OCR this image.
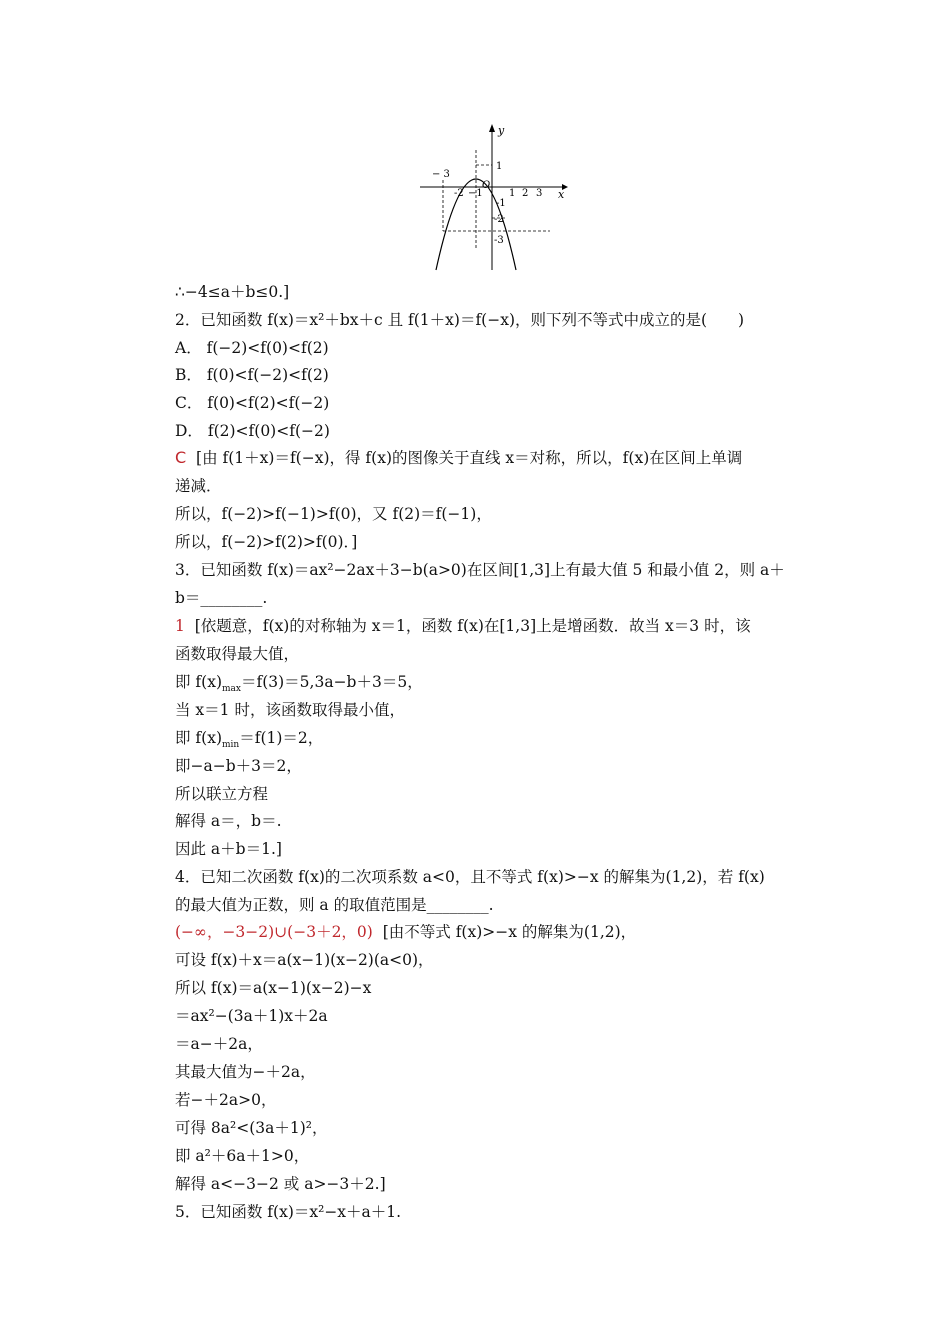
y
x
O
− 3
-2 −1	1 2 3
1
-1
-2
-3
∴−4≤a＋b≤0.]
2．已知函数 f(x)＝x²＋bx＋c 且 f(1＋x)＝f(−x)，则下列不等式中成立的是(　　)
A． f(−2)<f(0)<f(2)
B． f(0)<f(−2)<f(2)
C． f(0)<f(2)<f(−2)
D． f(2)<f(0)<f(−2)
C [由 f(1＋x)＝f(−x)，得 f(x)的图像关于直线 x＝对称，所以，f(x)在区间上单调
递减．
所以，f(−2)>f(−1)>f(0)，又 f(2)＝f(−1)，
所以，f(−2)>f(2)>f(0)．]
3．已知函数 f(x)＝ax²−2ax＋3−b(a>0)在区间[1,3]上有最大值 5 和最小值 2，则 a＋
b＝________.
1 [依题意，f(x)的对称轴为 x＝1，函数 f(x)在[1,3]上是增函数．故当 x＝3 时，该
函数取得最大值，
即 $f(x)_{max}=f(3)=5,3a-b+3=5$，
当 x＝1 时，该函数取得最小值，
即 $f(x)_{min}=f(1)=2$，
即−a−b＋3＝2，
所以联立方程
解得 a＝，b＝.
因此 a＋b＝1.]
4．已知二次函数 f(x)的二次项系数 a<0，且不等式 f(x)>−x 的解集为(1,2)，若 f(x)
的最大值为正数，则 a 的取值范围是________.
(−∞，−3−2)∪(−3＋2，0) [由不等式 f(x)>−x 的解集为(1,2)，
可设 f(x)＋x＝a(x−1)(x−2)(a<0)，
所以 f(x)＝a(x−1)(x−2)−x
＝ax²−(3a＋1)x＋2a
＝a−＋2a，
其最大值为−＋2a，
若−＋2a>0，
可得 8a²<(3a＋1)²，
即 a²＋6a＋1>0，
解得 a<−3−2 或 a>−3＋2.]
5．已知函数 f(x)＝x²−x＋a＋1.
